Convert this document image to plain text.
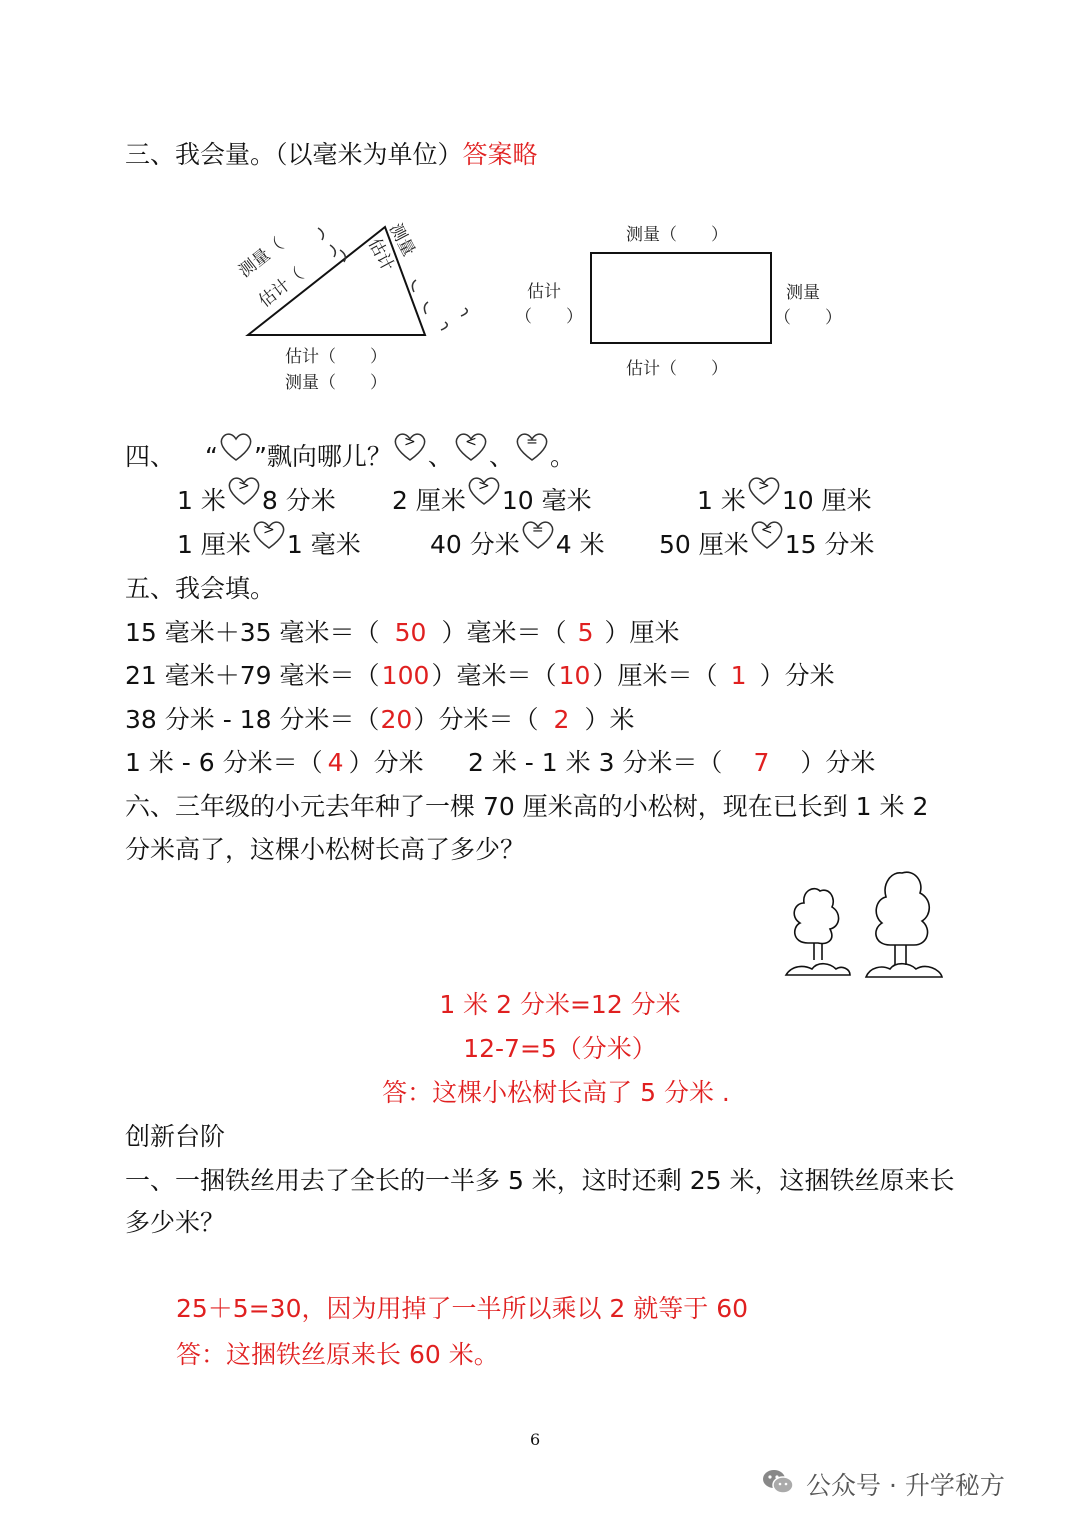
三、我会量。（以毫米为单位）答案略
测量（
估计（
测量
估计
估计（　　）
测量（　　）
测量（　　）
估计
（　　）
测量
（　　）
估计（　　）
四、 “ ”飘向哪儿？ > 、 < 、 = 。
1 米 > 8 分米 2 厘米 > 10 毫米	1 米 > 10 厘米
1 厘米 > 1 毫米	40 分米 = 4 米 50 厘米 < 15 分米
五、我会填。
15 毫米＋35 毫米＝（ 50 ）毫米＝（ 5 ）厘米
21 毫米＋79 毫米＝（100）毫米＝（10）厘米＝（ 1 ）分米
38 分米 - 18 分米＝（20）分米＝（ 2 ）米
1 米 - 6 分米＝（ 4 ）分米 2 米 - 1 米 3 分米＝（ 7 ）分米
六、三年级的小元去年种了一棵 70 厘米高的小松树，现在已长到 1 米 2
分米高了，这棵小松树长高了多少？
1 米 2 分米=12 分米
12-7=5（分米）
答：这棵小松树长高了 5 分米 .
创新台阶
一、一捆铁丝用去了全长的一半多 5 米，这时还剩 25 米，这捆铁丝原来长
多少米？
25＋5=30，因为用掉了一半所以乘以 2 就等于 60
答：这捆铁丝原来长 60 米。
6
公众号 · 升学秘方
